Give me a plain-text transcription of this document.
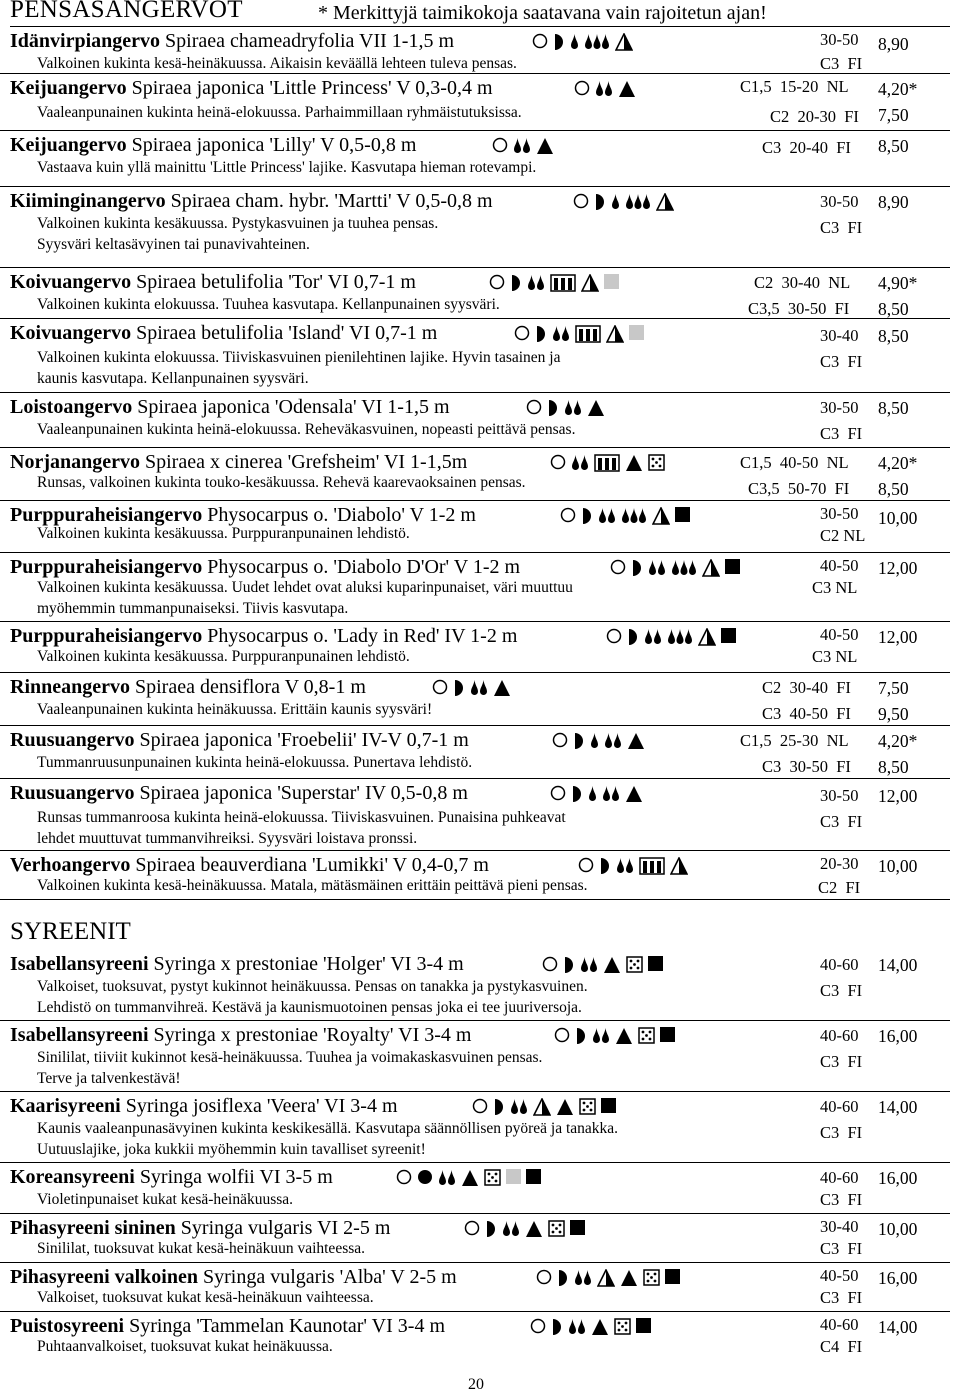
PENSASANGERVOT	* Merkittyjä taimikokoja saatavana vain rajoitetun ajan!
Idänvirpiangervo Spiraea chameadryfolia VII 1-1,5 m
Valkoinen kukinta kesä-heinäkuussa. Aikaisin keväällä lehteen tuleva pensas.
30-50
C3  FI
8,90
Keijuangervo Spiraea japonica 'Little Princess' V 0,3-0,4 m
Vaaleanpunainen kukinta heinä-elokuussa. Parhaimmillaan ryhmäistutuksissa.
C1,5  15-20  NL
C2  20-30  FI
4,20*
7,50
Keijuangervo Spiraea japonica 'Lilly' V 0,5-0,8 m
Vastaava kuin yllä mainittu 'Little Princess' lajike. Kasvutapa hieman rotevampi.
C3  20-40  FI 8,50
Kiiminginangervo Spiraea cham. hybr. 'Martti' V 0,5-0,8 m
Valkoinen kukinta kesäkuussa. Pystykasvuinen ja tuuhea pensas.
Syysväri keltasävyinen tai punavivahteinen.
30-50
C3  FI
8,90
Koivuangervo Spiraea betulifolia 'Tor' VI 0,7-1 m
Valkoinen kukinta elokuussa. Tuuhea kasvutapa. Kellanpunainen syysväri.
C2  30-40  NL
C3,5  30-50  FI
4,90*
8,50
Koivuangervo Spiraea betulifolia 'Island' VI 0,7-1 m
Valkoinen kukinta elokuussa. Tiiviskasvuinen pienilehtinen lajike. Hyvin tasainen ja
kaunis kasvutapa. Kellanpunainen syysväri.
30-40
C3  FI
8,50
Loistoangervo Spiraea japonica 'Odensala' VI 1-1,5 m
Vaaleanpunainen kukinta heinä-elokuussa. Reheväkasvuinen, nopeasti peittävä pensas.
30-50
C3  FI
8,50
Norjanangervo Spiraea x cinerea 'Grefsheim' VI 1-1,5m
Runsas, valkoinen kukinta touko-kesäkuussa. Rehevä kaarevaoksainen pensas.
C1,5  40-50  NL
C3,5  50-70  FI
4,20*
8,50
Purppuraheisiangervo Physocarpus o. 'Diabolo' V 1-2 m
Valkoinen kukinta kesäkuussa. Purppuranpunainen lehdistö.
30-50
C2 NL
10,00
Purppuraheisiangervo Physocarpus o. 'Diabolo D'Or' V 1-2 m
Valkoinen kukinta kesäkuussa. Uudet lehdet ovat aluksi kuparinpunaiset, väri muuttuu
myöhemmin tummanpunaiseksi. Tiivis kasvutapa.
40-50
C3 NL
12,00
Purppuraheisiangervo Physocarpus o. 'Lady in Red' IV 1-2 m
Valkoinen kukinta kesäkuussa. Purppuranpunainen lehdistö.
40-50
C3 NL
12,00
Rinneangervo Spiraea densiflora V 0,8-1 m
Vaaleanpunainen kukinta heinäkuussa. Erittäin kaunis syysväri!
C2  30-40  FI
C3  40-50  FI
7,50
9,50
Ruusuangervo Spiraea japonica 'Froebelii' IV-V 0,7-1 m
Tummanruusunpunainen kukinta heinä-elokuussa. Punertava lehdistö.
C1,5  25-30  NL
C3  30-50  FI
4,20*
8,50
Ruusuangervo Spiraea japonica 'Superstar' IV 0,5-0,8 m
Runsas tummanroosa kukinta heinä-elokuussa. Tiiviskasvuinen. Punaisina puhkeavat
lehdet muuttuvat tummanvihreiksi. Syysväri loistava pronssi.
30-50
C3  FI
12,00
Verhoangervo Spiraea beauverdiana 'Lumikki' V 0,4-0,7 m
Valkoinen kukinta kesä-heinäkuussa. Matala, mätäsmäinen erittäin peittävä pieni pensas.
20-30
C2  FI
10,00
Isabellansyreeni Syringa x prestoniae 'Holger' VI 3-4 m
Valkoiset, tuoksuvat, pystyt kukinnot heinäkuussa. Pensas on tanakka ja pystykasvuinen.
Lehdistö on tummanvihreä. Kestävä ja kaunismuotoinen pensas joka ei tee juuriversoja.
40-60
C3  FI
14,00
Isabellansyreeni Syringa x prestoniae 'Royalty' VI 3-4 m
Sinililat, tiiviit kukinnot kesä-heinäkuussa. Tuuhea ja voimakaskasvuinen pensas.
Terve ja talvenkestävä!
40-60
C3  FI
16,00
Kaarisyreeni Syringa josiflexa 'Veera' VI 3-4 m
Kaunis vaaleanpunasävyinen kukinta keskikesällä. Kasvutapa säännöllisen pyöreä ja tanakka.
Uutuuslajike, joka kukkii myöhemmin kuin tavalliset syreenit!
40-60
C3  FI
14,00
Koreansyreeni Syringa wolfii VI 3-5 m
Violetinpunaiset kukat kesä-heinäkuussa.
40-60
C3  FI
16,00
Pihasyreeni sininen Syringa vulgaris VI 2-5 m
Sinililat, tuoksuvat kukat kesä-heinäkuun vaihteessa.
30-40
C3  FI
10,00
Pihasyreeni valkoinen Syringa vulgaris 'Alba' V 2-5 m
Valkoiset, tuoksuvat kukat kesä-heinäkuun vaihteessa.
40-50
C3  FI
16,00
Puistosyreeni Syringa 'Tammelan Kaunotar' VI 3-4 m
Puhtaanvalkoiset, tuoksuvat kukat heinäkuussa.
40-60
C4  FI
14,00
SYREENIT
20
